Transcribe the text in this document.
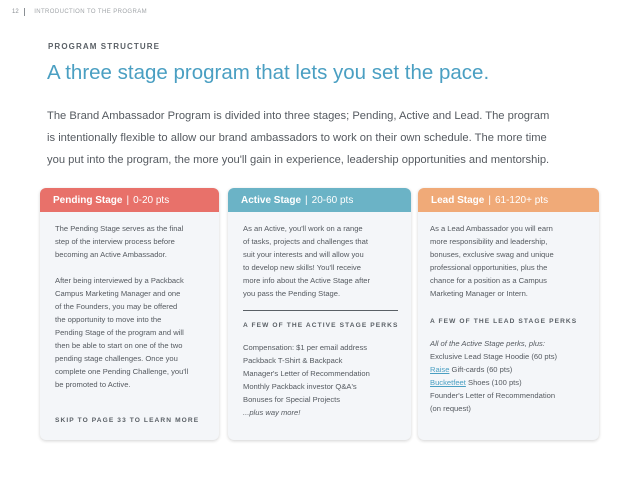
12	INTRODUCTION TO THE PROGRAM
PROGRAM STRUCTURE
A three stage program that lets you set the pace.
The Brand Ambassador Program is divided into three stages; Pending, Active and Lead. The program
is intentionally flexible to allow our brand ambassadors to work on their own schedule. The more time
you put into the program, the more you'll gain in experience, leadership opportunities and mentorship.
Pending Stage | 0-20 pts

The Pending Stage serves as the final

step of the interview process before

becoming an Active Ambassador.

After being interviewed by a Packback

Campus Marketing Manager and one

of the Founders, you may be offered

the opportunity to move into the

Pending Stage of the program and will

then be able to start on one of the two

pending stage challenges. Once you

complete one Pending Challenge, you'll

be promoted to Active.

SKIP TO PAGE 33 TO LEARN MORE
Active Stage | 20-60 pts

As an Active, you'll work on a range

of tasks, projects and challenges that

suit your interests and will allow you

to develop new skills! You'll receive

more info about the Active Stage after

you pass the Pending Stage.

A FEW OF THE ACTIVE STAGE PERKS

Compensation: $1 per email address

Packback T-Shirt & Backpack

Manager's Letter of Recommendation

Monthly Packback investor Q&A's

Bonuses for Special Projects

...plus way more!

Lead Stage | 61-120+ pts

As a Lead Ambassador you will earn

more responsibility and leadership,

bonuses, exclusive swag and unique

professional opportunities, plus the

chance for a position as a Campus

Marketing Manager or Intern.

A FEW OF THE LEAD STAGE PERKS

All of the Active Stage perks, plus:

Exclusive Lead Stage Hoodie (60 pts)

Raise Gift-cards (60 pts)

Bucketfeet Shoes (100 pts)

Founder's Letter of Recommendation

(on request)
